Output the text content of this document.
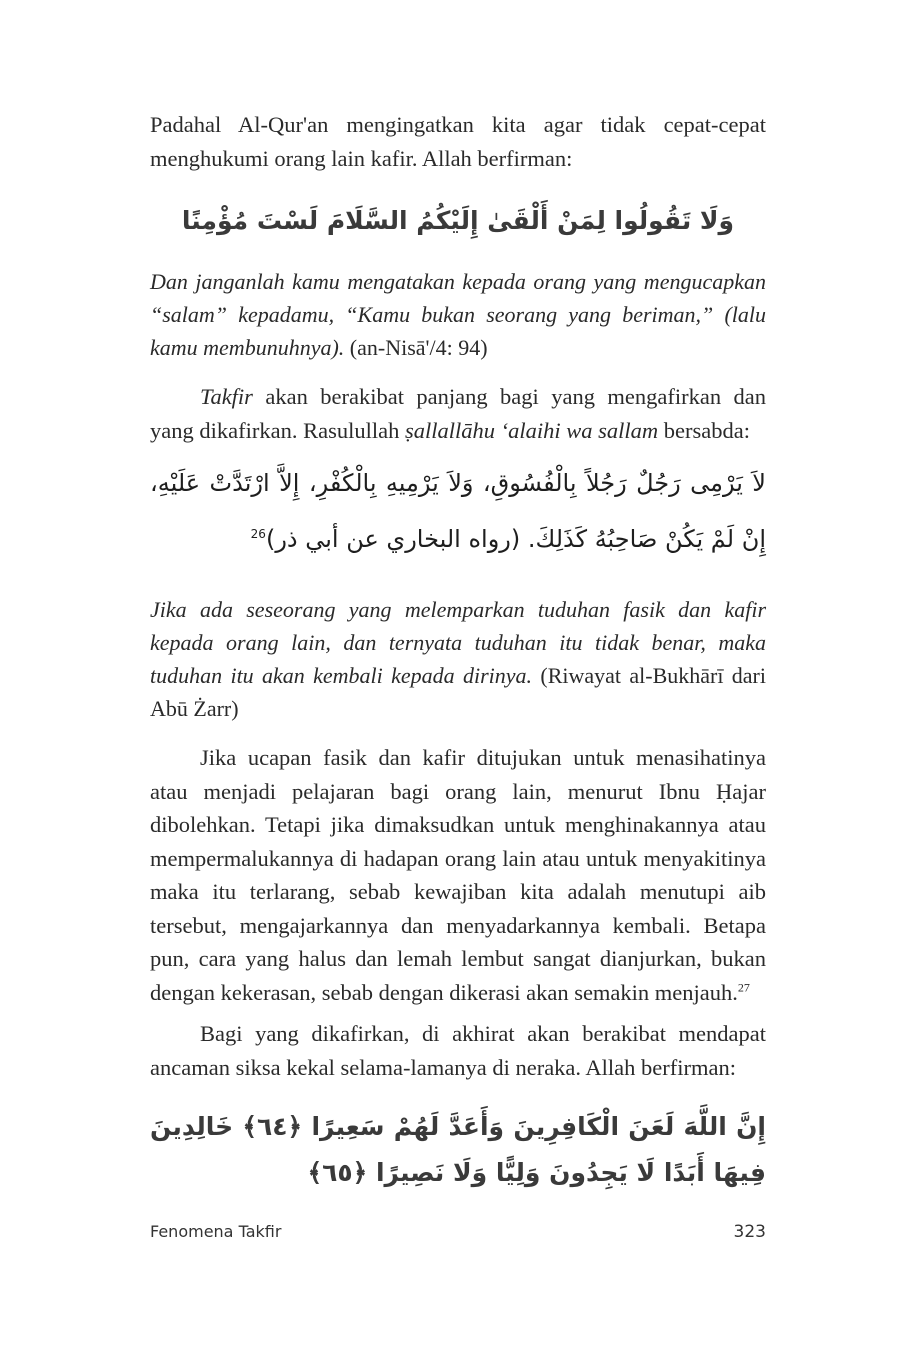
Padahal Al-Qur'an mengingatkan kita agar tidak cepat-cepat menghukumi orang lain kafir. Allah berfirman:

وَلَا تَقُولُوا لِمَنْ أَلْقَىٰ إِلَيْكُمُ السَّلَامَ لَسْتَ مُؤْمِنًا

Dan janganlah kamu mengatakan kepada orang yang mengucapkan “salam” kepadamu, “Kamu bukan seorang yang beriman,” (lalu kamu membunuhnya). (an-Nisā'/4: 94)

Takfir akan berakibat panjang bagi yang mengafirkan dan yang dikafirkan. Rasulullah ṣallallāhu ‘alaihi wa sallam bersabda:

لاَ يَرْمِى رَجُلٌ رَجُلاً بِالْفُسُوقِ، وَلاَ يَرْمِيهِ بِالْكُفْرِ، إِلاَّ ارْتَدَّتْ عَلَيْهِ، إِنْ لَمْ يَكُنْ صَاحِبُهُ كَذَلِكَ. (رواه البخاري عن أبي ذر)$^{26}$

Jika ada seseorang yang melemparkan tuduhan fasik dan kafir kepada orang lain, dan ternyata tuduhan itu tidak benar, maka tuduhan itu akan kembali kepada dirinya. (Riwayat al-Bukhārī dari Abū Żarr)

Jika ucapan fasik dan kafir ditujukan untuk menasihatinya atau menjadi pelajaran bagi orang lain, menurut Ibnu Ḥajar dibolehkan. Tetapi jika dimaksudkan untuk menghinakannya atau mempermalukannya di hadapan orang lain atau untuk menyakitinya maka itu terlarang, sebab kewajiban kita adalah menutupi aib tersebut, mengajarkannya dan menyadarkannya kembali. Betapa pun, cara yang halus dan lemah lembut sangat dianjurkan, bukan dengan kekerasan, sebab dengan dikerasi akan semakin menjauh.$^{27}$

Bagi yang dikafirkan, di akhirat akan berakibat mendapat ancaman siksa kekal selama-lamanya di neraka. Allah berfirman:

إِنَّ اللَّهَ لَعَنَ الْكَافِرِينَ وَأَعَدَّ لَهُمْ سَعِيرًا ﴿٦٤﴾ خَالِدِينَ فِيهَا أَبَدًا لَا يَجِدُونَ وَلِيًّا وَلَا نَصِيرًا ﴿٦٥﴾

Fenomena Takfir	323
